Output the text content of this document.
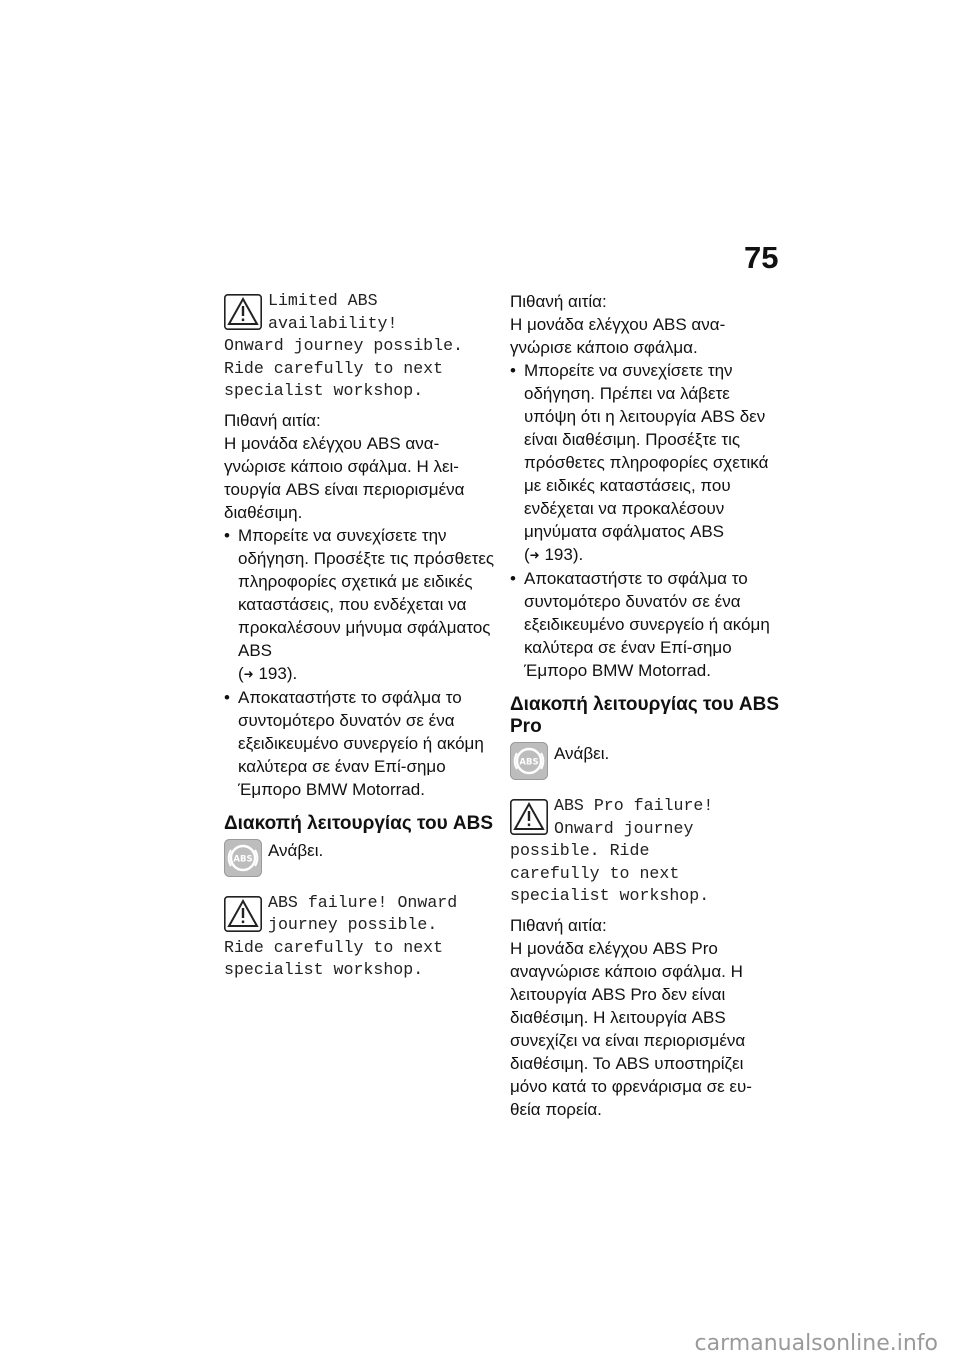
75
Limited ABS
availability!
Onward journey possible.
Ride carefully to next
specialist workshop.

Πιθανή αιτία:

Η μονάδα ελέγχου ABS ανα-γνώρισε κάποιο σφάλμα. Η λει-τουργία ABS είναι περιορισμένα διαθέσιμη.

• Μπορείτε να συνεχίσετε την οδήγηση. Προσέξτε τις πρόσθετες πληροφορίες σχετικά με ειδικές καταστάσεις, που ενδέχεται να προκαλέσουν μήνυμα σφάλματος ABS
(➜ 193).
• Αποκαταστήστε το σφάλμα το συντομότερο δυνατόν σε ένα εξειδικευμένο συνεργείο ή ακόμη καλύτερα σε έναν Επί-σημο Έμπορο BMW Motorrad.
Διακοπή λειτουργίας του ABS
ABS Ανάβει.
ABS failure! Onward
journey possible.
Ride carefully to next
specialist workshop.

Πιθανή αιτία:

Η μονάδα ελέγχου ABS ανα-γνώρισε κάποιο σφάλμα.

• Μπορείτε να συνεχίσετε την οδήγηση. Πρέπει να λάβετε υπόψη ότι η λειτουργία ABS δεν είναι διαθέσιμη. Προσέξτε τις πρόσθετες πληροφορίες σχετικά με ειδικές καταστάσεις, που ενδέχεται να προκαλέσουν μηνύματα σφάλματος ABS
(➜ 193).
• Αποκαταστήστε το σφάλμα το συντομότερο δυνατόν σε ένα εξειδικευμένο συνεργείο ή ακόμη καλύτερα σε έναν Επί-σημο Έμπορο BMW Motorrad.
Διακοπή λειτουργίας του ABS Pro
ABS Ανάβει.
ABS Pro failure!
Onward journey
possible. Ride
carefully to next
specialist workshop.

Πιθανή αιτία:

Η μονάδα ελέγχου ABS Pro αναγνώρισε κάποιο σφάλμα. Η λειτουργία ABS Pro δεν είναι διαθέσιμη. Η λειτουργία ABS συνεχίζει να είναι περιορισμένα διαθέσιμη. Το ABS υποστηρίζει μόνο κατά το φρενάρισμα σε ευ-θεία πορεία.

carmanualsonline.info
